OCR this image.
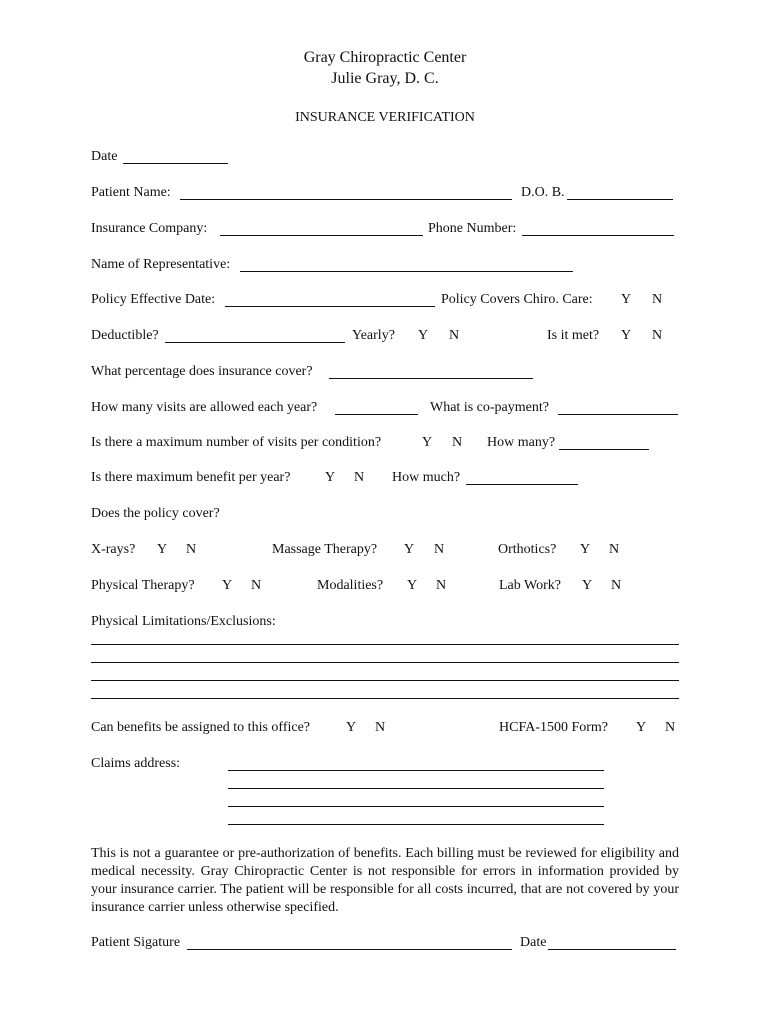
Gray Chiropractic Center
Julie Gray, D. C.
INSURANCE VERIFICATION
Date
Patient Name:	D.O. B.
Insurance Company:	Phone Number:
Name of Representative:
Policy Effective Date:	Policy Covers Chiro. Care: Y N
Deductible?	Yearly? Y N	Is it met? Y N
What percentage does insurance cover?
How many visits are allowed each year?	What is co-payment?
Is there a maximum number of visits per condition?	Y N How many?
Is there maximum benefit per year? Y N How much?
Does the policy cover?
X-rays? Y N	Massage Therapy? Y N	Orthotics? Y N
Physical Therapy? Y N	Modalities? Y N	Lab Work? Y N
Physical Limitations/Exclusions:
Can benefits be assigned to this office?	Y N	HCFA-1500 Form? Y N
Claims address:
This is not a guarantee or pre-authorization of benefits. Each billing must be reviewed for eligibility and medical necessity. Gray Chiropractic Center is not responsible for errors in information provided by your insurance carrier. The patient will be responsible for all costs incurred, that are not covered by your insurance carrier unless otherwise specified.
Patient Sigature	Date
